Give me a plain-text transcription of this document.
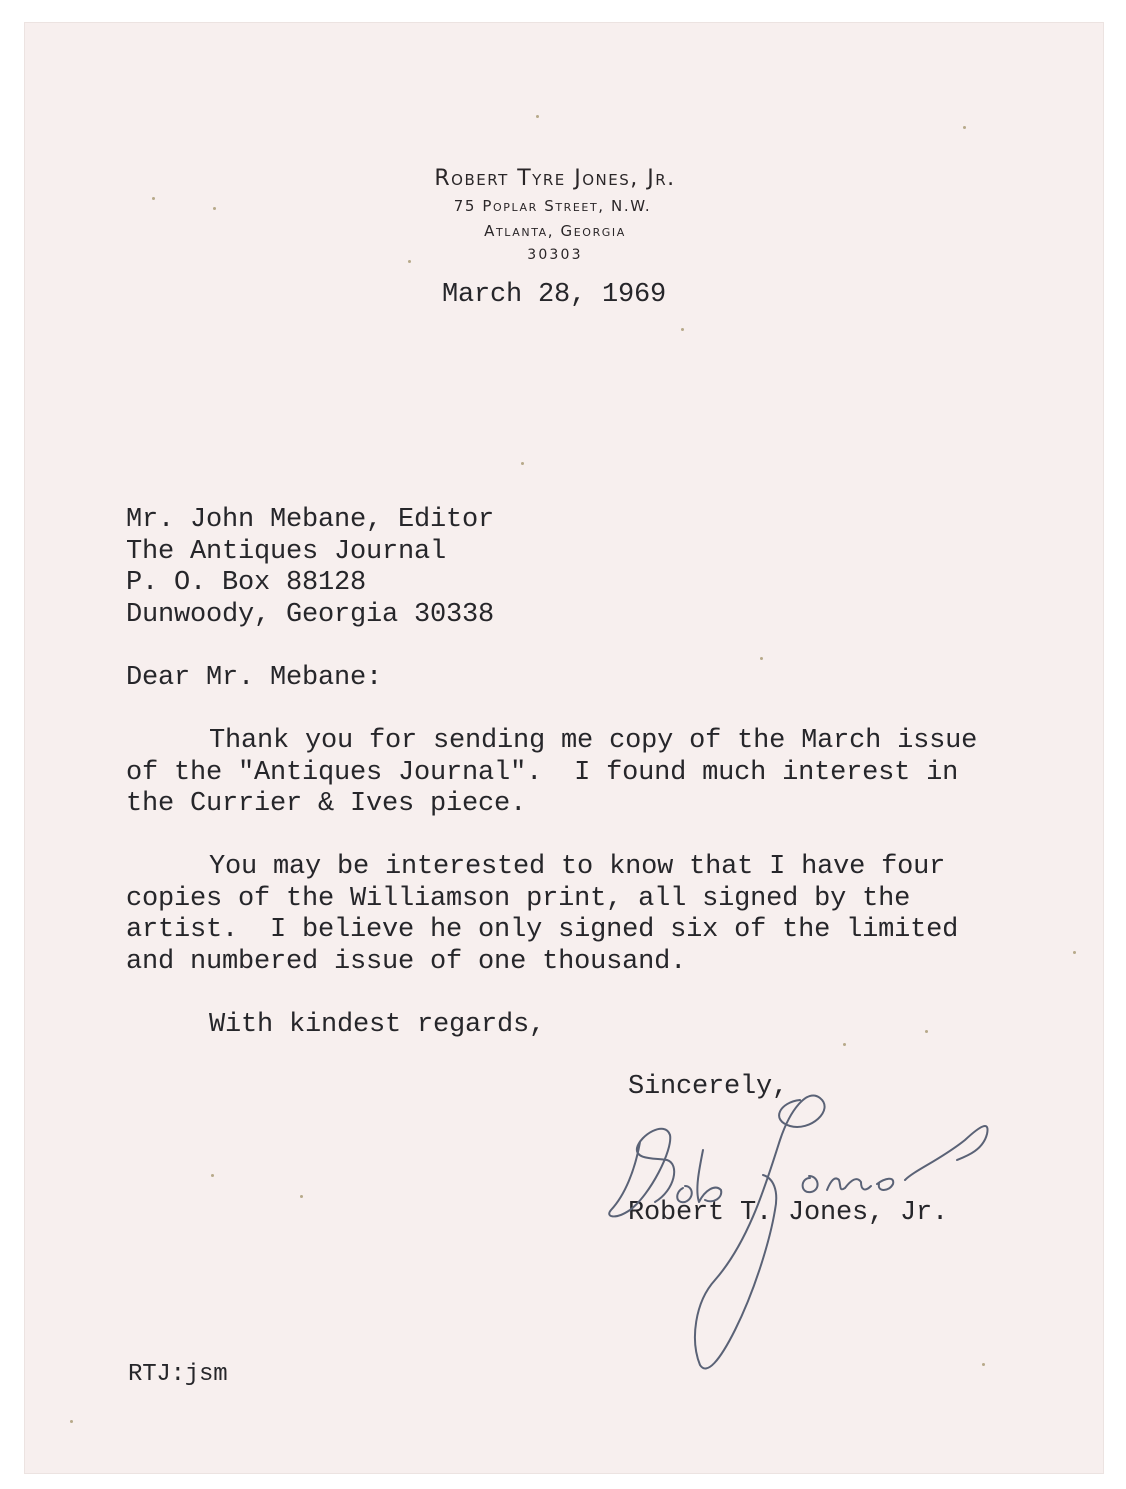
Robert Tyre Jones, Jr.
75 Poplar Street, N.W.
Atlanta, Georgia
30303
March 28, 1969
Mr. John Mebane, Editor
The Antiques Journal
P. O. Box 88128
Dunwoody, Georgia 30338
Dear Mr. Mebane:
Thank you for sending me copy of the March issue
of the "Antiques Journal".  I found much interest in
the Currier & Ives piece.
You may be interested to know that I have four
copies of the Williamson print, all signed by the
artist.  I believe he only signed six of the limited
and numbered issue of one thousand.
With kindest regards,
Sincerely,
Robert T. Jones, Jr.
RTJ:jsm
